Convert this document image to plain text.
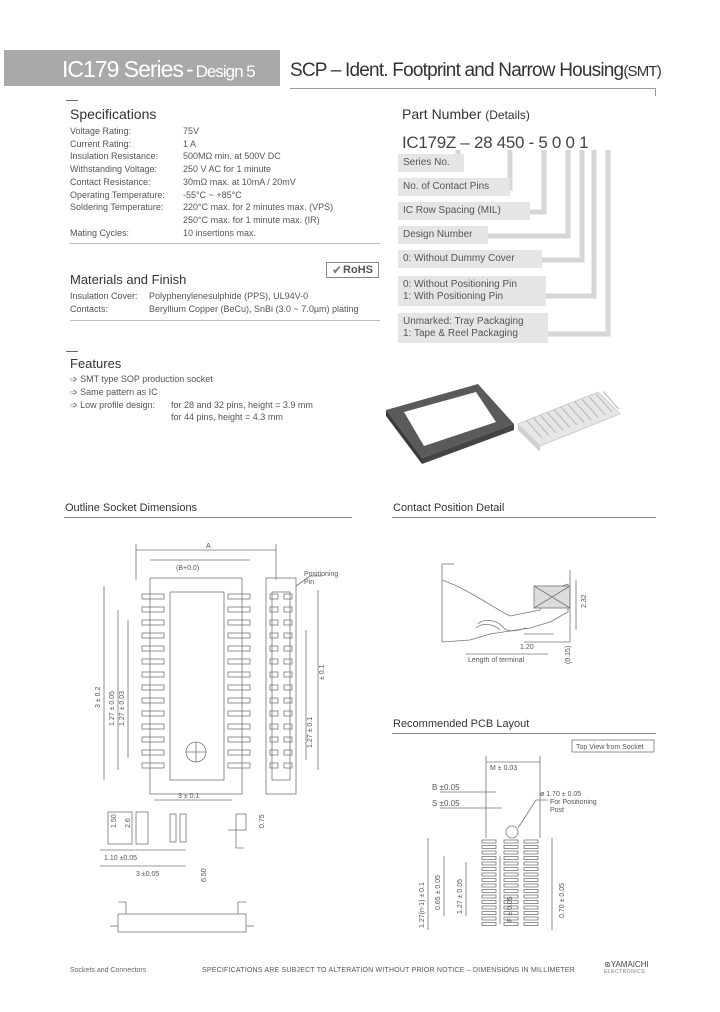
IC179 Series - Design 5 SCP – Ident. Footprint and Narrow Housing(SMT)
Specifications
Voltage Rating:	75V
Current Rating:	1 A
Insulation Resistance:	500MΩ min. at 500V DC
Withstanding Voltage:	250 V AC for 1 minute
Contact Resistance:	30mΩ max. at 10mA / 20mV
Operating Temperature: -55°C ~ +85°C
Soldering Temperature: 220°C max. for 2 minutes max. (VPS)
250°C max. for 1 minute max. (IR)
Mating Cycles:	10 insertions max.
Materials and Finish
✔ RoHS
Insulation Cover: Polyphenylenesulphide (PPS), UL94V-0
Contacts:	Beryllium Copper (BeCu), SnBi (3.0 ~ 7.0µm) plating
Features
➩ SMT type SOP production socket
➩ Same pattern as IC
➩ Low profile design: for 28 and 32 pins, height = 3.9 mm
for 44 pins, height = 4.3 mm
Part Number (Details)
IC179Z – 28 450 - 5 0 0 1
Series No.
No. of Contact Pins
IC Row Spacing (MIL)
Design Number
0: Without Dummy Cover
0: Without Positioning Pin
1: With Positioning Pin
Unmarked: Tray Packaging
1: Tape & Reel Packaging
Outline Socket Dimensions
A
(B+0.0)
Positioning
Pin
3 ± 0.1
1.10 ±0.05
3 ±0.05
3 ± 0.2 1.27 ± 0.05 1.27 ± 0.03
± 0.1
1.27 ± 0.1
1.50 2.6	0.75
6.50
Contact Position Detail
2.32
1.20	(0.15)
Length of terminal
Recommended PCB Layout
Top View from Socket
M ± 0.03
B ±0.05
S ±0.05
ø 1.70 ± 0.05
For Positioning
Post
1.27(n-1) ± 0.1 0.65 ± 0.05 1.27 ± 0.05	F ± 0.05	0.70 ± 0.05
Sockets and Connectors	SPECIFICATIONS ARE SUBJECT TO ALTERATION WITHOUT PRIOR NOTICE – DIMENSIONS IN MILLIMETER
⊛YAMAICHI
ELECTRONICS
